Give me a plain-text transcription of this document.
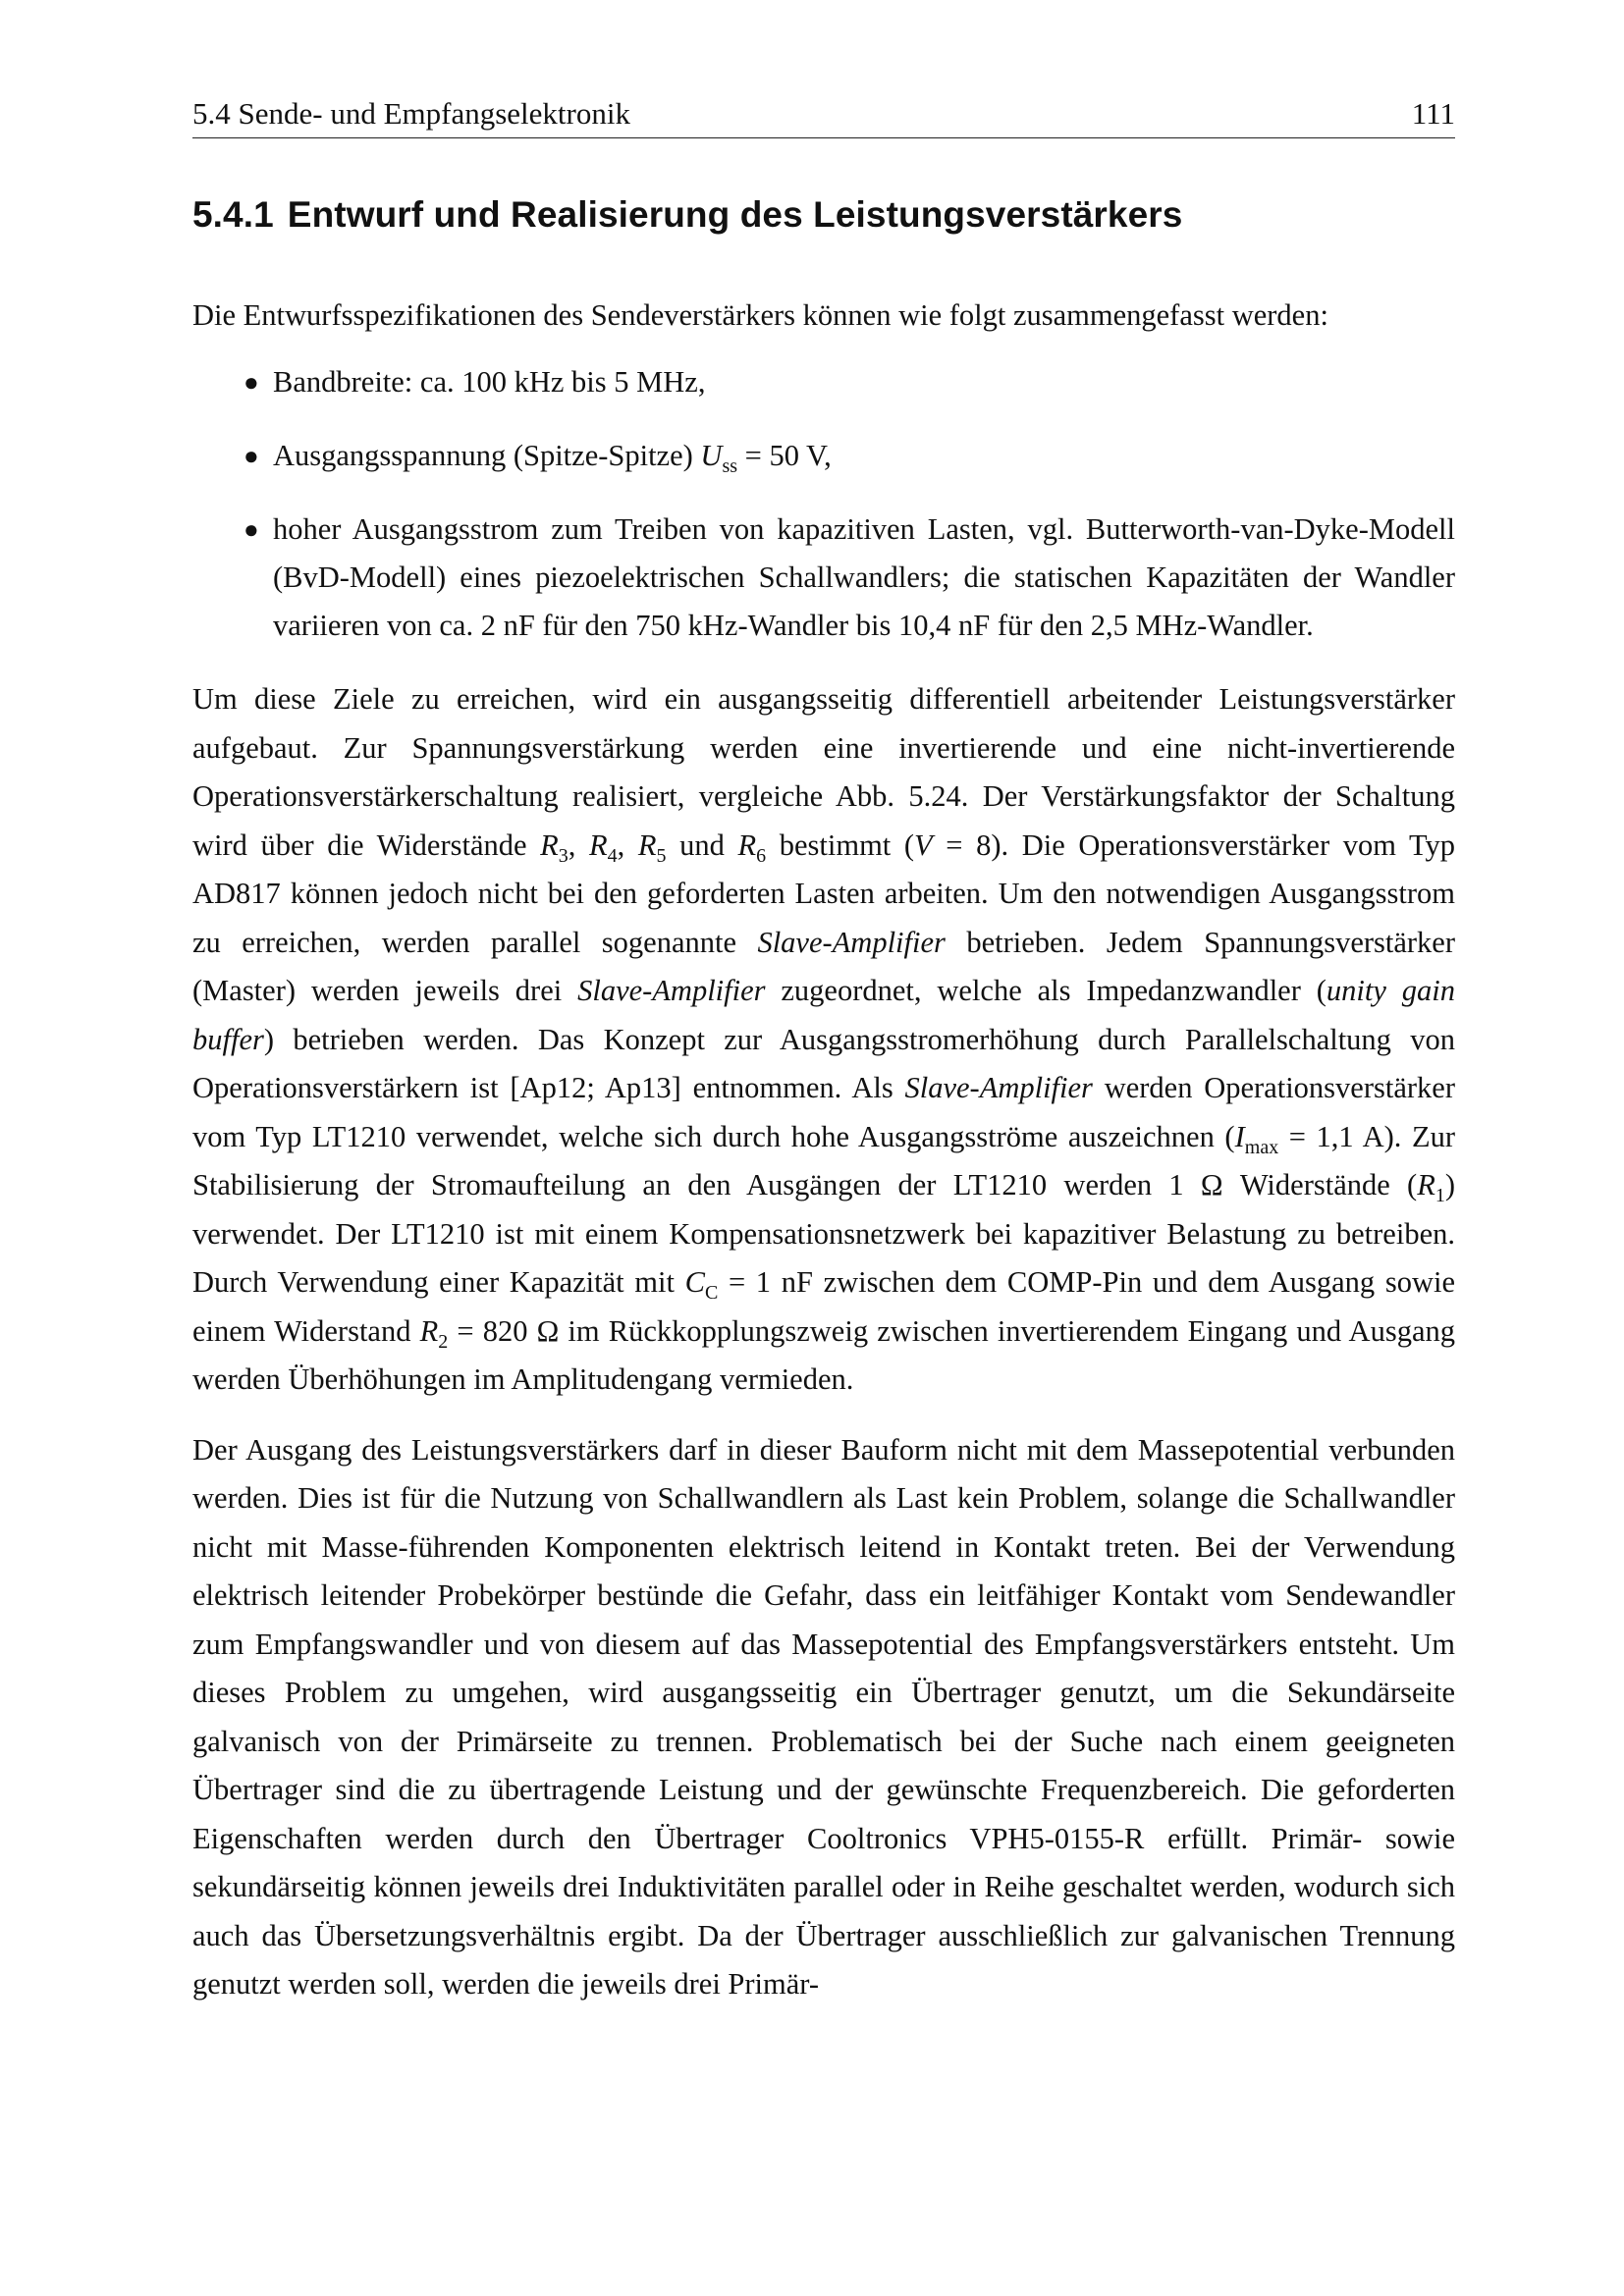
5.4 Sende- und Empfangselektronik	111
5.4.1 Entwurf und Realisierung des Leistungsverstärkers

Die Entwurfsspezifikationen des Sendeverstärkers können wie folgt zusammengefasst werden:

● Bandbreite: ca. 100 kHz bis 5 MHz,
● Ausgangsspannung (Spitze-Spitze) $U_{ss} = 50$ V,
● hoher Ausgangsstrom zum Treiben von kapazitiven Lasten, vgl. Butterworth-van-Dyke-Modell (BvD-Modell) eines piezoelektrischen Schallwandlers; die statischen Kapazitäten der Wandler variieren von ca. 2 nF für den 750 kHz-Wandler bis 10,4 nF für den 2,5 MHz-Wandler.

Um diese Ziele zu erreichen, wird ein ausgangsseitig differentiell arbeitender Leistungsverstärker aufgebaut. Zur Spannungsverstärkung werden eine invertierende und eine nicht-invertierende Operationsverstärkerschaltung realisiert, vergleiche Abb. 5.24. Der Verstärkungsfaktor der Schaltung wird über die Widerstände $R_3$, $R_4$, $R_5$ und $R_6$ bestimmt (V = 8). Die Operationsverstärker vom Typ AD817 können jedoch nicht bei den geforderten Lasten arbeiten. Um den notwendigen Ausgangsstrom zu erreichen, werden parallel sogenannte Slave-Amplifier betrieben. Jedem Spannungsverstärker (Master) werden jeweils drei Slave-Amplifier zugeordnet, welche als Impedanzwandler (unity gain buffer) betrieben werden. Das Konzept zur Ausgangsstromerhöhung durch Parallelschaltung von Operationsverstärkern ist [Ap12; Ap13] entnommen. Als Slave-Amplifier werden Operationsverstärker vom Typ LT1210 verwendet, welche sich durch hohe Ausgangsströme auszeichnen ($I_{max} = 1,1$ A). Zur Stabilisierung der Stromaufteilung an den Ausgängen der LT1210 werden 1 Ω Widerstände $(R_1)$ verwendet. Der LT1210 ist mit einem Kompensationsnetzwerk bei kapazitiver Belastung zu betreiben. Durch Verwendung einer Kapazität mit $C_C = 1$ nF zwischen dem COMP-Pin und dem Ausgang sowie einem Widerstand $R_2 = 820$ Ω im Rückkopplungszweig zwischen invertierendem Eingang und Ausgang werden Überhöhungen im Amplitudengang vermieden.

Der Ausgang des Leistungsverstärkers darf in dieser Bauform nicht mit dem Massepotential verbunden werden. Dies ist für die Nutzung von Schallwandlern als Last kein Problem, solange die Schallwandler nicht mit Masse-führenden Komponenten elektrisch leitend in Kontakt treten. Bei der Verwendung elektrisch leitender Probekörper bestünde die Gefahr, dass ein leitfähiger Kontakt vom Sendewandler zum Empfangswandler und von diesem auf das Massepotential des Empfangsverstärkers entsteht. Um dieses Problem zu umgehen, wird ausgangsseitig ein Übertrager genutzt, um die Sekundärseite galvanisch von der Primärseite zu trennen. Problematisch bei der Suche nach einem geeigneten Übertrager sind die zu übertragende Leistung und der gewünschte Frequenzbereich. Die geforderten Eigenschaften werden durch den Übertrager Cooltronics VPH5-0155-R erfüllt. Primär- sowie sekundärseitig können jeweils drei Induktivitäten parallel oder in Reihe geschaltet werden, wodurch sich auch das Übersetzungsverhältnis ergibt. Da der Übertrager ausschließlich zur galvanischen Trennung genutzt werden soll, werden die jeweils drei Primär-
